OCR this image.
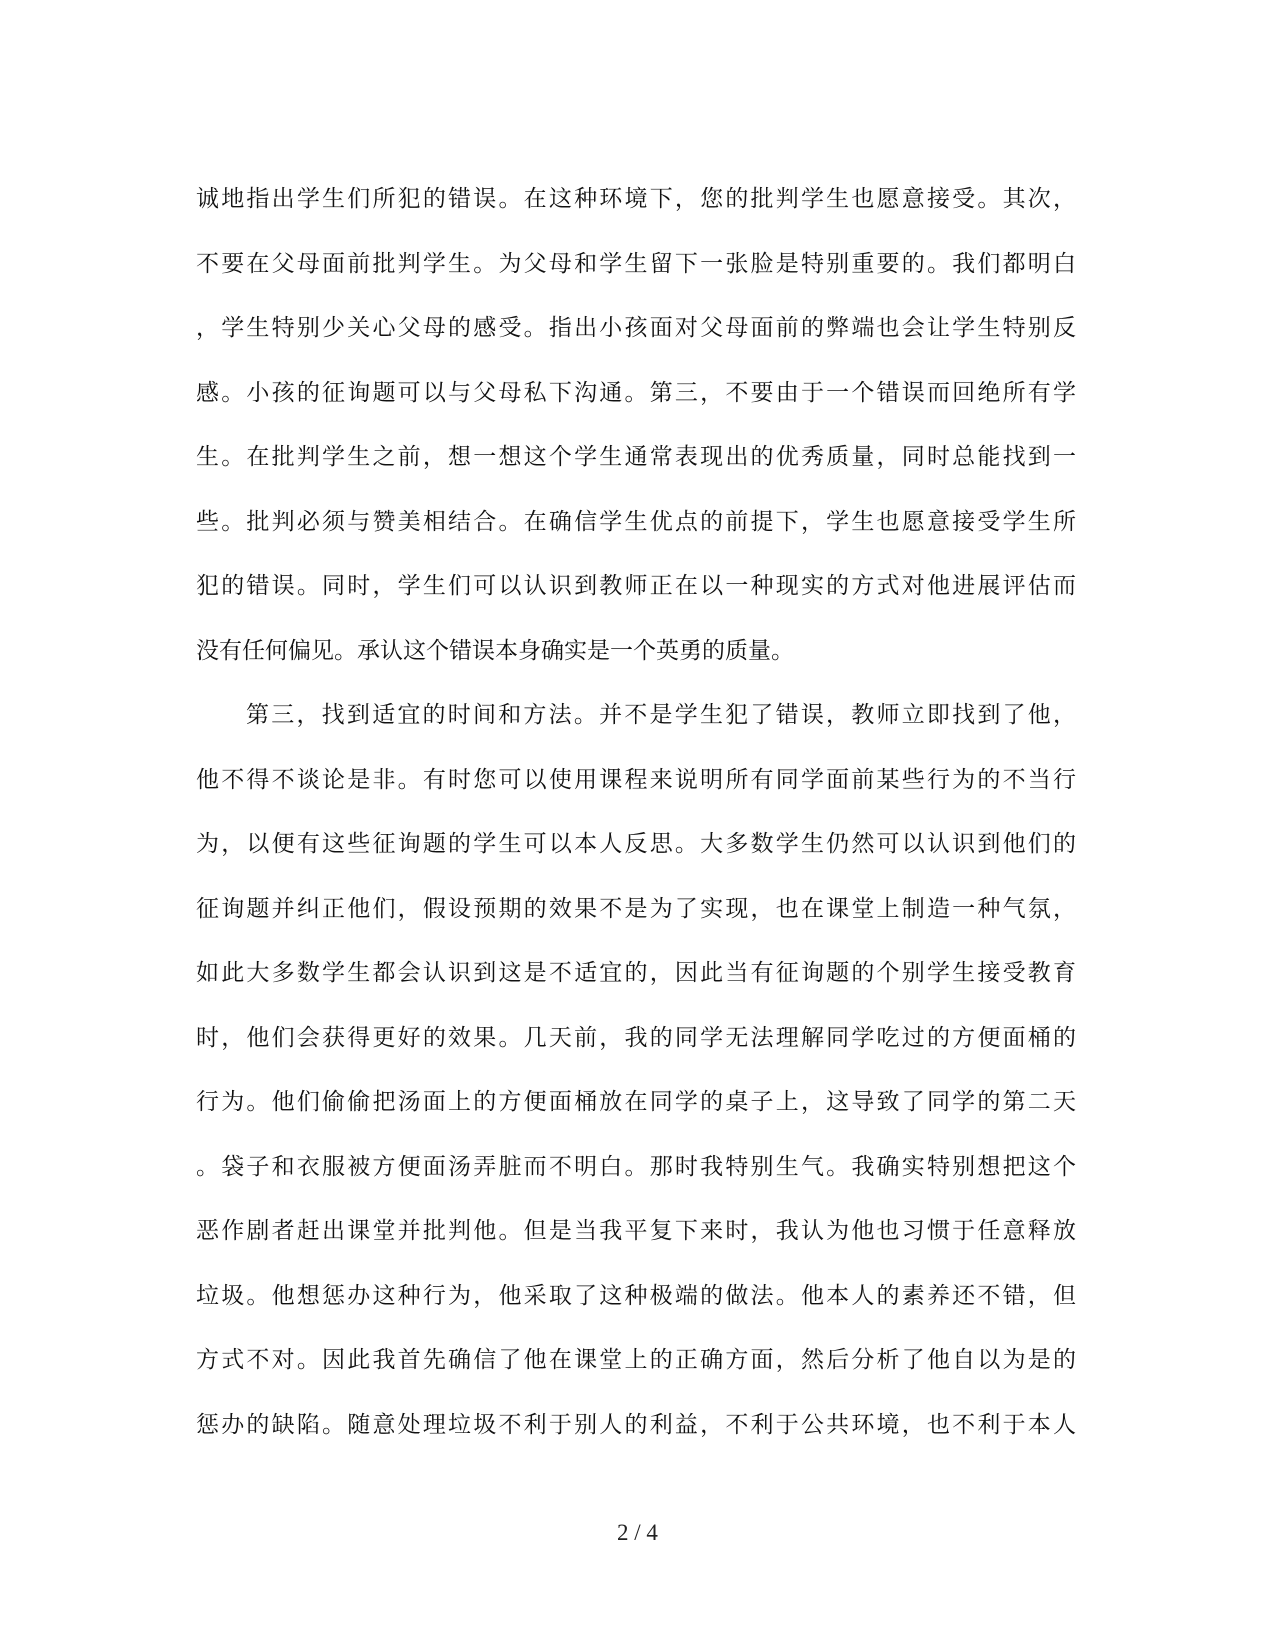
诚地指出学生们所犯的错误。在这种环境下，您的批判学生也愿意接受。其次，
不要在父母面前批判学生。为父母和学生留下一张脸是特别重要的。我们都明白
，学生特别少关心父母的感受。指出小孩面对父母面前的弊端也会让学生特别反
感。小孩的征询题可以与父母私下沟通。第三，不要由于一个错误而回绝所有学
生。在批判学生之前，想一想这个学生通常表现出的优秀质量，同时总能找到一
些。批判必须与赞美相结合。在确信学生优点的前提下，学生也愿意接受学生所
犯的错误。同时，学生们可以认识到教师正在以一种现实的方式对他进展评估而
没有任何偏见。承认这个错误本身确实是一个英勇的质量。
第三，找到适宜的时间和方法。并不是学生犯了错误，教师立即找到了他，
他不得不谈论是非。有时您可以使用课程来说明所有同学面前某些行为的不当行
为，以便有这些征询题的学生可以本人反思。大多数学生仍然可以认识到他们的
征询题并纠正他们，假设预期的效果不是为了实现，也在课堂上制造一种气氛，
如此大多数学生都会认识到这是不适宜的，因此当有征询题的个别学生接受教育
时，他们会获得更好的效果。几天前，我的同学无法理解同学吃过的方便面桶的
行为。他们偷偷把汤面上的方便面桶放在同学的桌子上，这导致了同学的第二天
。袋子和衣服被方便面汤弄脏而不明白。那时我特别生气。我确实特别想把这个
恶作剧者赶出课堂并批判他。但是当我平复下来时，我认为他也习惯于任意释放
垃圾。他想惩办这种行为，他采取了这种极端的做法。他本人的素养还不错，但
方式不对。因此我首先确信了他在课堂上的正确方面，然后分析了他自以为是的
惩办的缺陷。随意处理垃圾不利于别人的利益，不利于公共环境，也不利于本人
2 / 4
